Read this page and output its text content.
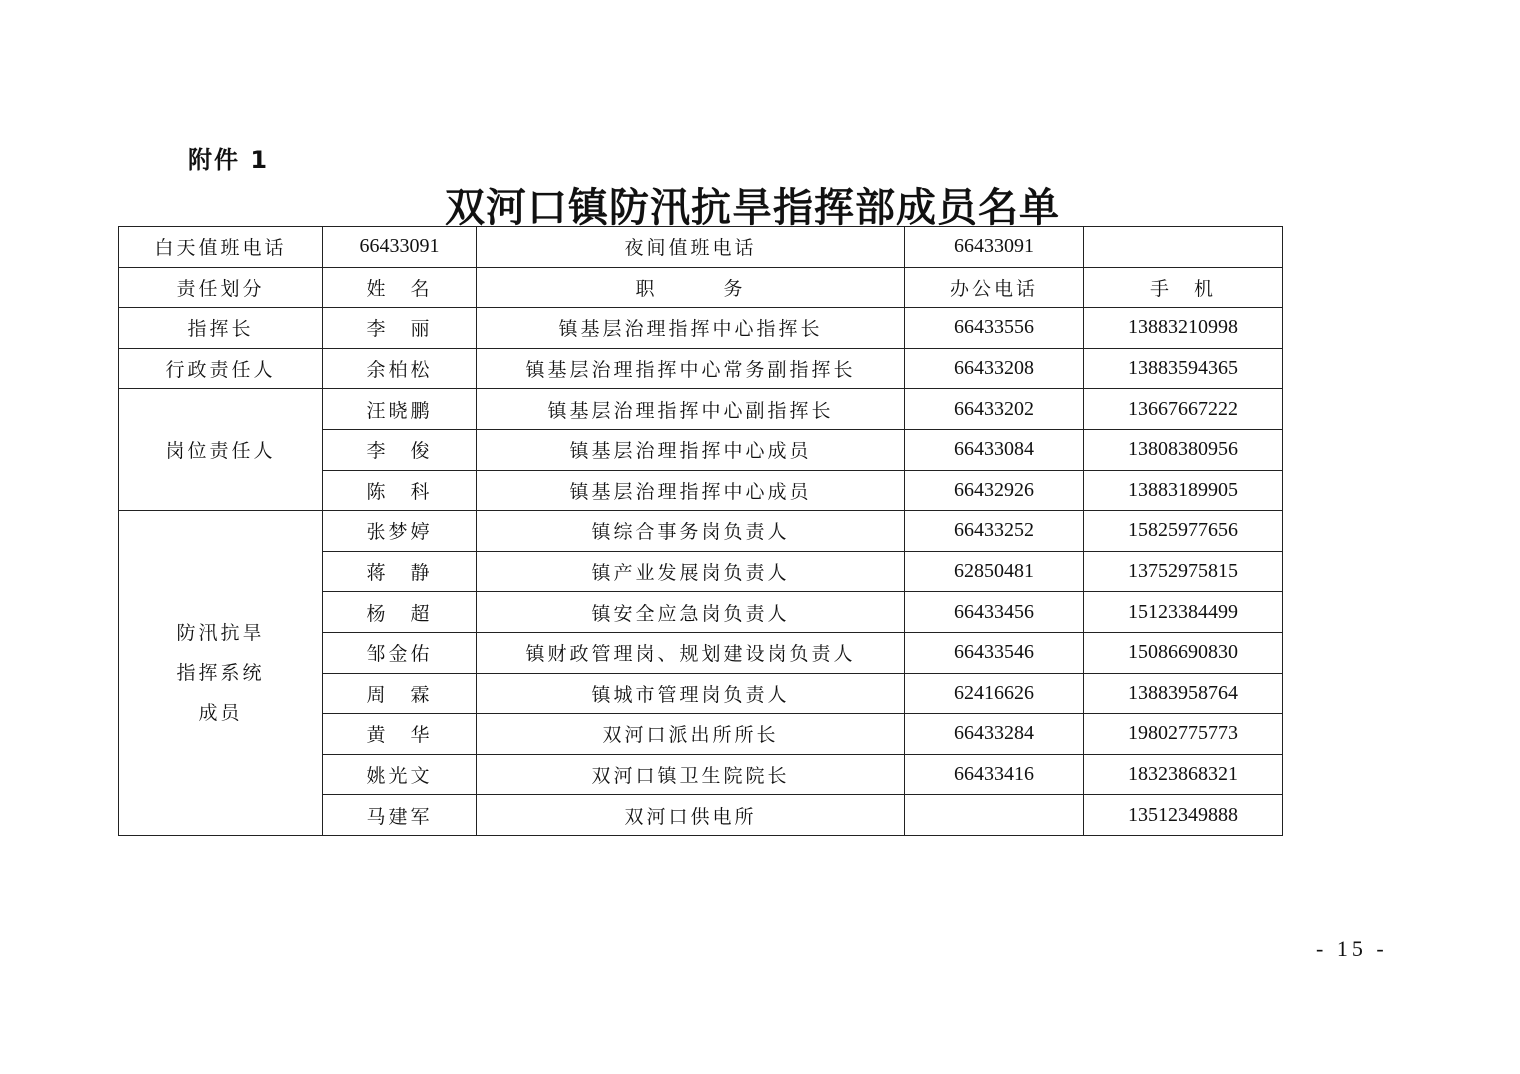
附件 1
双河口镇防汛抗旱指挥部成员名单
白天值班电话	66433091	夜间值班电话	66433091	
责任划分	姓　名	职　　　务	办公电话	手　机
指挥长	李　丽	镇基层治理指挥中心指挥长	66433556	13883210998
行政责任人	余柏松	镇基层治理指挥中心常务副指挥长	66433208	13883594365
岗位责任人	汪晓鹏	镇基层治理指挥中心副指挥长	66433202	13667667222
	李　俊	镇基层治理指挥中心成员	66433084	13808380956
	陈　科	镇基层治理指挥中心成员	66432926	13883189905

防汛抗旱
指挥系统
成员	张梦婷	镇综合事务岗负责人	66433252	15825977656
	蒋　静	镇产业发展岗负责人	62850481	13752975815
	杨　超	镇安全应急岗负责人	66433456	15123384499
	邹金佑	镇财政管理岗、规划建设岗负责人	66433546	15086690830
	周　霖	镇城市管理岗负责人	62416626	13883958764
	黄　华	双河口派出所所长	66433284	19802775773
	姚光文	双河口镇卫生院院长	66433416	18323868321
	马建军	双河口供电所		13512349888
- 15 -
